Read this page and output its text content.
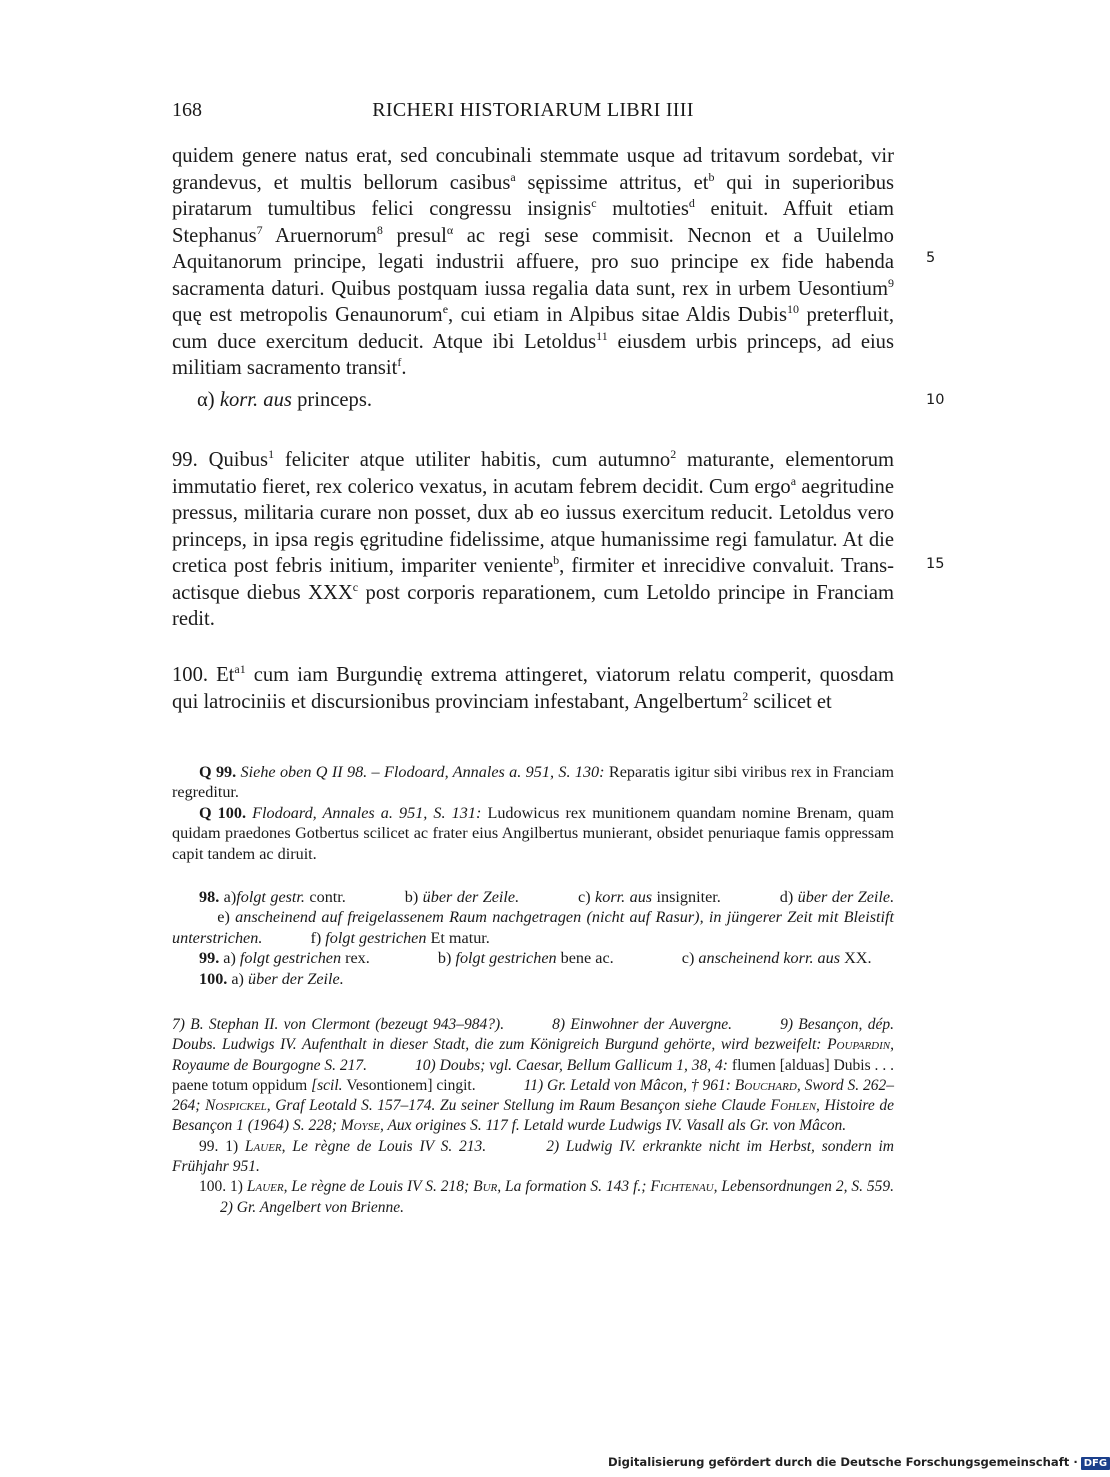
168	RICHERI HISTORIARUM LIBRI IIII

quidem genere natus erat, sed concubinali stemmate usque ad tritavum sordebat, vir grandevus, et multis bellorum casibus$^a$ sępissime attritus, $et^b$ qui in superioribus piratarum tumultibus felici congressu insignis$^c$ multoties$^d$ enituit. Affuit etiam Stephanus$^7$ Aruernorum$^8$ presul$^\alpha$ ac regi sese commisit. Necnon et a Uuilelmo Aquitanorum principe, legati industrii affuere, pro suo principe ex fide habenda sacramenta daturi. Quibus postquam iussa regalia data sunt, rex in urbem Uesontium$^9$ quę est metropolis Genaunorum$^e$, cui etiam in Alpibus sitae Aldis Dubis$^{10}$ preterfluit, cum duce exercitum deducit. Atque ibi Letoldus$^{11}$ eiusdem urbis princeps, ad eius militiam sacramento transit$^f$.

5
10
15
α) korr. aus princeps.

99. Quibus$^1$ feliciter atque utiliter habitis, cum autumno$^2$ maturante, elementorum immutatio fieret, rex colerico vexatus, in acutam febrem decidit. Cum ergo$^a$ aegritudine pressus, militaria curare non posset, dux ab eo iussus exercitum reducit. Letoldus vero princeps, in ipsa regis ęgritudine fidelissime, atque humanissime regi famulatur. At die cretica post febris initium, impariter veniente$^b$, firmiter et inrecidive convaluit. Trans- actisque diebus XXX$^c$ post corporis reparationem, cum Letoldo principe in Franciam redit.

100. $Et^{a1}$ cum iam Burgundię extrema attingeret, viatorum relatu comperit, quosdam qui latrociniis et discursionibus provinciam infestabant, Angelbertum$^2$ scilicet et

Q 99. Siehe oben Q II 98. – Flodoard, Annales a. 951, S. 130: Reparatis igitur sibi viribus rex in Franciam regreditur.

Q 100. Flodoard, Annales a. 951, S. 131: Ludowicus rex munitionem quandam nomine Brenam, quam quidam praedones Gotbertus scilicet ac frater eius Angilbertus munierant, obsidet penuriaque famis oppressam capit tandem ac diruit.

98. a)folgt gestr. contr.	b) über der Zeile.	c) korr. aus insigniter.	d) über der Zeile.  e) anscheinend auf freigelassenem Raum nachgetragen (nicht auf Rasur), in jüngerer Zeit mit Bleistift unterstrichen.	f) folgt gestrichen Et matur.
99. a) folgt gestrichen rex.	b) folgt gestrichen bene ac.	c) anscheinend korr. aus XX.
100. a) über der Zeile.

7) B. Stephan II. von Clermont (bezeugt 943–984?).	8) Einwohner der Auvergne.	9) Besançon, dép. Doubs. Ludwigs IV. Aufenthalt in dieser Stadt, die zum Königreich Burgund gehörte, wird bezweifelt: Poupardin, Royaume de Bourgogne S. 217.	10) Doubs; vgl. Caesar, Bellum Gallicum 1, 38, 4: flumen [alduas] Dubis . . . paene totum oppidum [scil. Vesontionem] cingit.	11) Gr. Letald von Mâcon, † 961: Bouchard, Sword S. 262–264; Nospickel, Graf Leotald S. 157–174. Zu seiner Stellung im Raum Besançon siehe Claude Fohlen, Histoire de Besançon 1 (1964) S. 228; Moyse, Aux origines S. 117 f. Letald wurde Ludwigs IV. Vasall als Gr. von Mâcon.

99. 1) Lauer, Le règne de Louis IV S. 213.	2) Ludwig IV. erkrankte nicht im Herbst, sondern im Frühjahr 951.

100. 1) Lauer, Le règne de Louis IV S. 218; Bur, La formation S. 143 f.; Fichtenau, Lebensordnungen 2, S. 559.2) Gr. Angelbert von Brienne.

Digitalisierung gefördert durch die Deutsche Forschungsgemeinschaft · DFG
